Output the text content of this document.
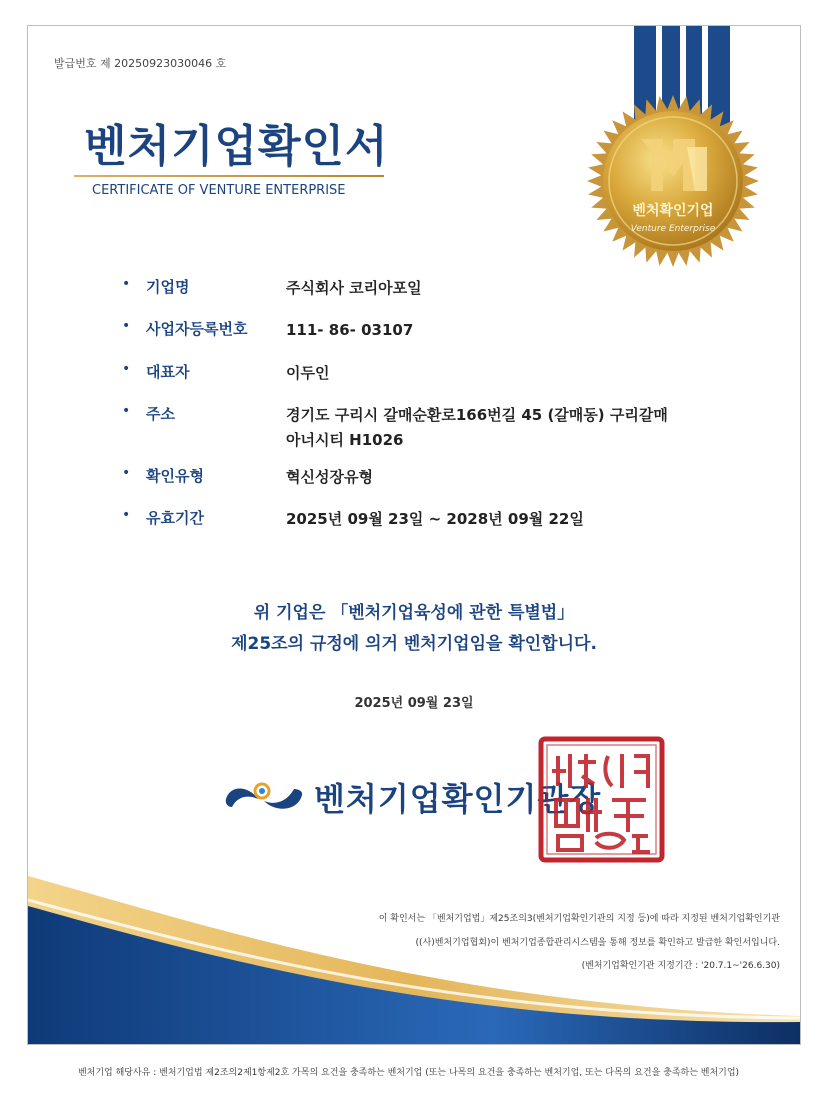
발급번호 제 20250923030046 호
벤처기업확인서
CERTIFICATE OF VENTURE ENTERPRISE
벤처확인기업
Venture Enterprise
• 기업명	주식회사 코리아포일
• 사업자등록번호	111- 86- 03107
• 대표자	이두인
• 주소	경기도 구리시 갈매순환로166번길 45 (갈매동) 구리갈매
아너시티 H1026
• 확인유형	혁신성장유형
• 유효기간	2025년 09월 23일 ~ 2028년 09월 22일
위 기업은 「벤처기업육성에 관한 특별법」
제25조의 규정에 의거 벤처기업임을 확인합니다.
2025년 09월 23일
벤처기업확인기관장
이 확인서는 「벤처기업법」제25조의3(벤처기업확인기관의 지정 등)에 따라 지정된 벤처기업확인기관
((사)벤처기업협회)이 벤처기업종합관리시스템을 통해 정보를 확인하고 발급한 확인서입니다.
(벤처기업확인기관 지정기간 : '20.7.1~'26.6.30)
벤처기업 해당사유 : 벤처기업법 제2조의2제1항제2호 가목의 요건을 충족하는 벤처기업 (또는 나목의 요건을 충족하는 벤처기업, 또는 다목의 요건을 충족하는 벤처기업)
